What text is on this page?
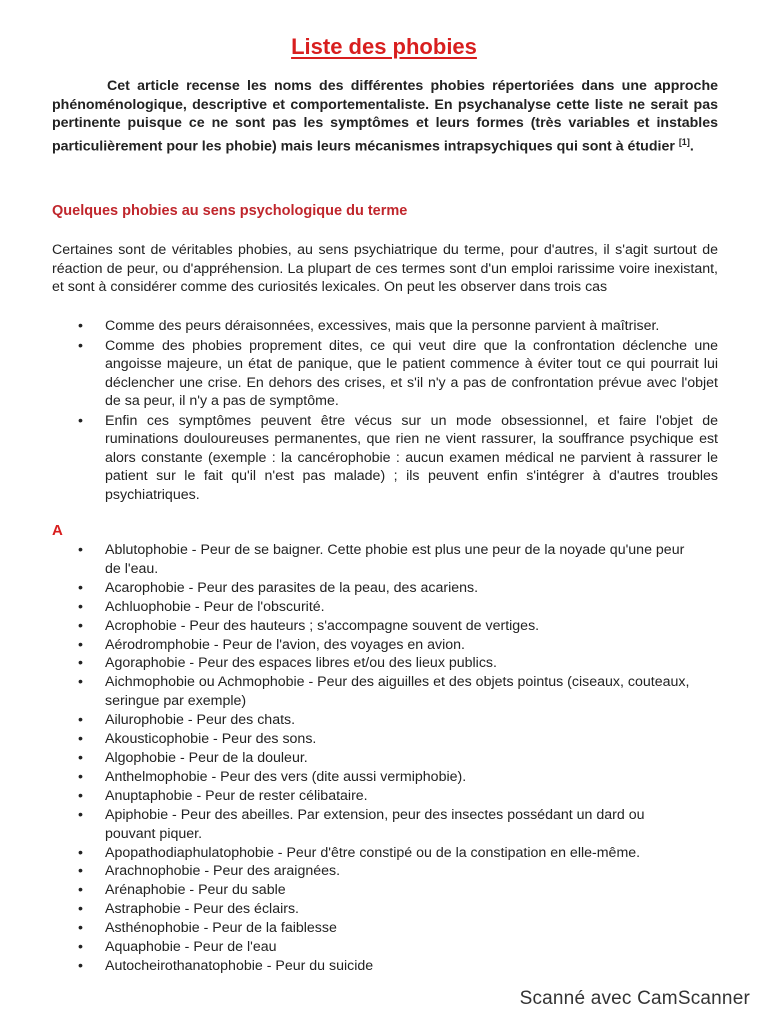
Liste des phobies

Cet article recense les noms des différentes phobies répertoriées dans une approche phénoménologique, descriptive et comportementaliste. En psychanalyse cette liste ne serait pas pertinente puisque ce ne sont pas les symptômes et leurs formes (très variables et instables particulièrement pour les phobie) mais leurs mécanismes intrapsychiques qui sont à étudier [1].

Quelques phobies au sens psychologique du terme

Certaines sont de véritables phobies, au sens psychiatrique du terme, pour d'autres, il s'agit surtout de réaction de peur, ou d'appréhension. La plupart de ces termes sont d'un emploi rarissime voire inexistant, et sont à considérer comme des curiosités lexicales. On peut les observer dans trois cas

• Comme des peurs déraisonnées, excessives, mais que la personne parvient à maîtriser.
• Comme des phobies proprement dites, ce qui veut dire que la confrontation déclenche une angoisse majeure, un état de panique, que le patient commence à éviter tout ce qui pourrait lui déclencher une crise. En dehors des crises, et s'il n'y a pas de confrontation prévue avec l'objet de sa peur, il n'y a pas de symptôme.
• Enfin ces symptômes peuvent être vécus sur un mode obsessionnel, et faire l'objet de ruminations douloureuses permanentes, que rien ne vient rassurer, la souffrance psychique est alors constante (exemple : la cancérophobie : aucun examen médical ne parvient à rassurer le patient sur le fait qu'il n'est pas malade) ; ils peuvent enfin s'intégrer à d'autres troubles psychiatriques.
A
• Ablutophobie - Peur de se baigner. Cette phobie est plus une peur de la noyade qu'une peur de l'eau.
• Acarophobie - Peur des parasites de la peau, des acariens.
• Achluophobie - Peur de l'obscurité.
• Acrophobie - Peur des hauteurs ; s'accompagne souvent de vertiges.
• Aérodromphobie - Peur de l'avion, des voyages en avion.
• Agoraphobie - Peur des espaces libres et/ou des lieux publics.
• Aichmophobie ou Achmophobie - Peur des aiguilles et des objets pointus (ciseaux, couteaux, seringue par exemple)
• Ailurophobie - Peur des chats.
• Akousticophobie - Peur des sons.
• Algophobie - Peur de la douleur.
• Anthelmophobie - Peur des vers (dite aussi vermiphobie).
• Anuptaphobie - Peur de rester célibataire.
• Apiphobie - Peur des abeilles. Par extension, peur des insectes possédant un dard ou pouvant piquer.
• Apopathodiaphulatophobie - Peur d'être constipé ou de la constipation en elle-même.
• Arachnophobie - Peur des araignées.
• Arénaphobie - Peur du sable
• Astraphobie - Peur des éclairs.
• Asthénophobie - Peur de la faiblesse
• Aquaphobie - Peur de l'eau
• Autocheirothanatophobie - Peur du suicide

Scanné avec CamScanner
